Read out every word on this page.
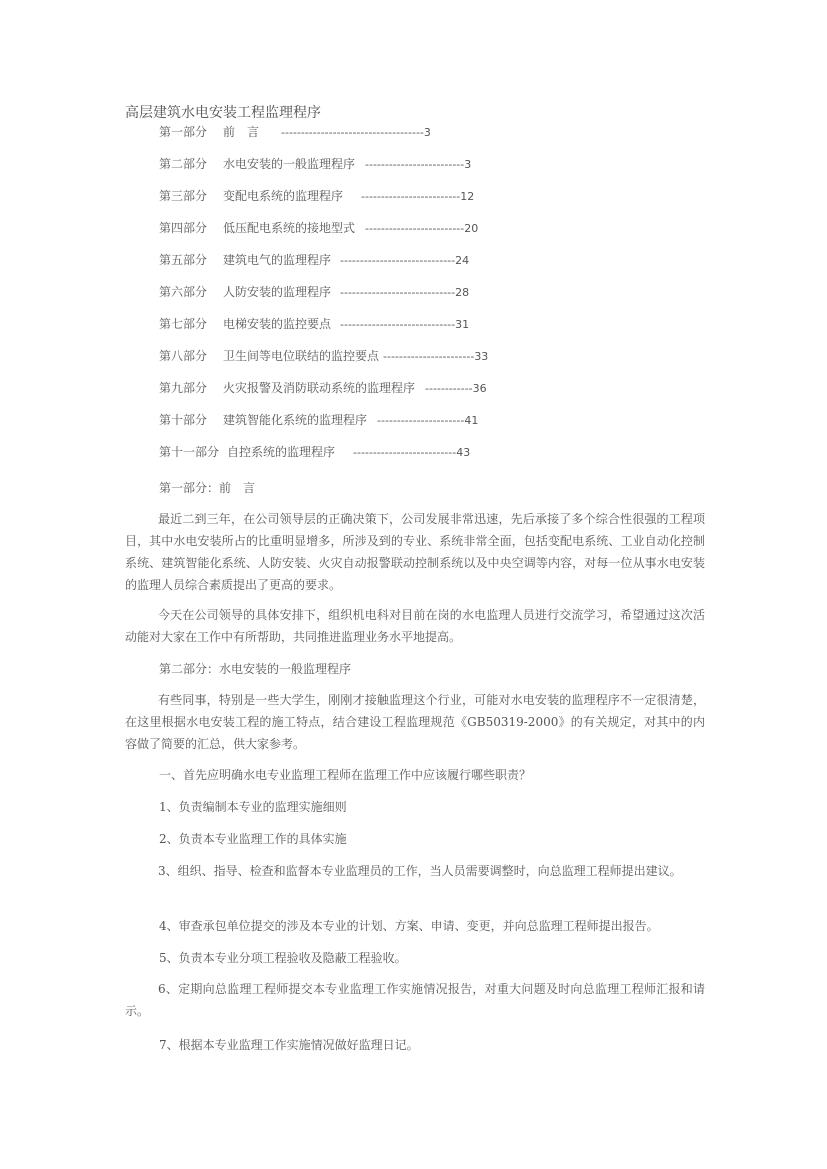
高层建筑水电安装工程监理程序
第一部分 前　言 ------------------------------------3
第二部分 水电安装的一般监理程序 -------------------------3
第三部分 变配电系统的监理程序 -------------------------12
第四部分 低压配电系统的接地型式 -------------------------20
第五部分 建筑电气的监理程序 -----------------------------24
第六部分 人防安装的监理程序 -----------------------------28
第七部分 电梯安装的监控要点 -----------------------------31
第八部分 卫生间等电位联结的监控要点 -----------------------33
第九部分 火灾报警及消防联动系统的监理程序 ------------36
第十部分 建筑智能化系统的监理程序 ----------------------41
第十一部分 自控系统的监理程序 --------------------------43
第一部分：前　言
最近二到三年，在公司领导层的正确决策下，公司发展非常迅速，先后承接了多个综合性很强的工程项目，其中水电安装所占的比重明显增多，所涉及到的专业、系统非常全面，包括变配电系统、工业自动化控制系统、建筑智能化系统、人防安装、火灾自动报警联动控制系统以及中央空调等内容，对每一位从事水电安装的监理人员综合素质提出了更高的要求。
今天在公司领导的具体安排下，组织机电科对目前在岗的水电监理人员进行交流学习，希望通过这次活动能对大家在工作中有所帮助，共同推进监理业务水平地提高。
第二部分：水电安装的一般监理程序
有些同事，特别是一些大学生，刚刚才接触监理这个行业，可能对水电安装的监理程序不一定很清楚，在这里根据水电安装工程的施工特点，结合建设工程监理规范《GB50319-2000》的有关规定，对其中的内容做了简要的汇总，供大家参考。
一、首先应明确水电专业监理工程师在监理工作中应该履行哪些职责？
1、负责编制本专业的监理实施细则
2、负责本专业监理工作的具体实施
3、组织、指导、检查和监督本专业监理员的工作，当人员需要调整时，向总监理工程师提出建议。
4、审查承包单位提交的涉及本专业的计划、方案、申请、变更，并向总监理工程师提出报告。
5、负责本专业分项工程验收及隐蔽工程验收。
6、定期向总监理工程师提交本专业监理工作实施情况报告，对重大问题及时向总监理工程师汇报和请示。
7、根据本专业监理工作实施情况做好监理日记。
